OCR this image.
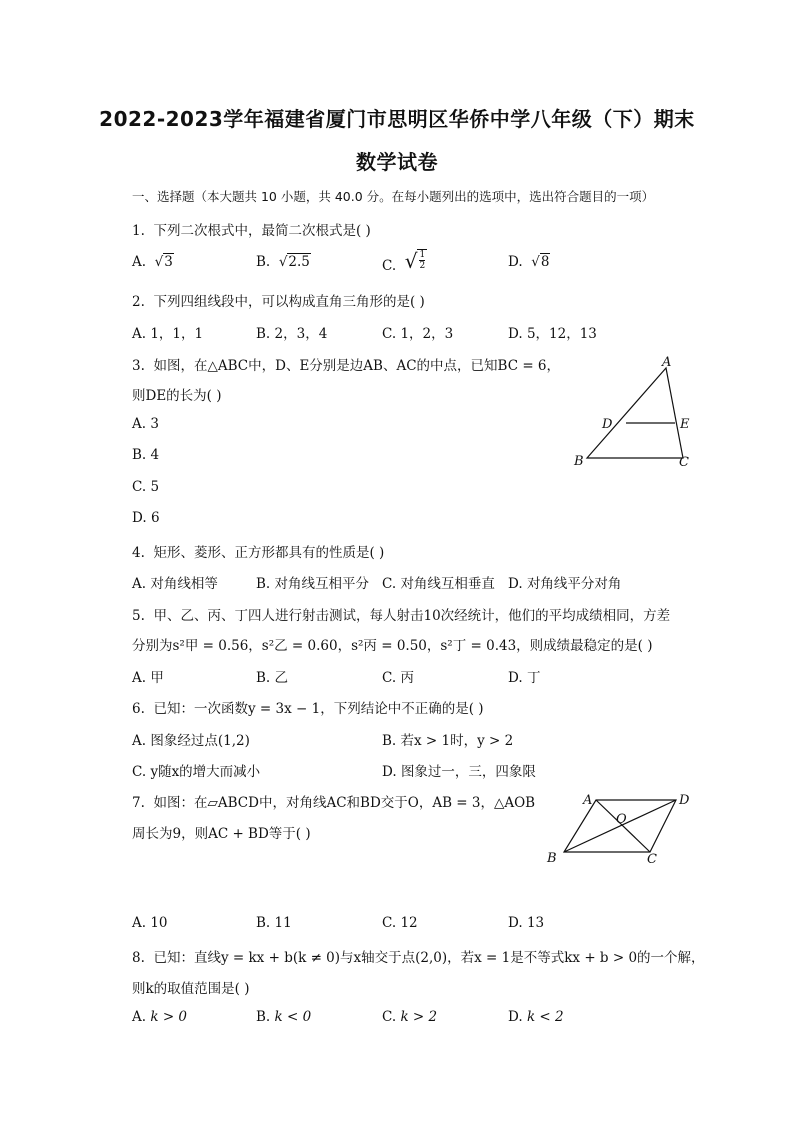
2022-2023学年福建省厦门市思明区华侨中学八年级（下）期末
数学试卷
一、选择题（本大题共 10 小题，共 40.0 分。在每小题列出的选项中，选出符合题目的一项）
1. 下列二次根式中，最简二次根式是( )
A. √3	B. √2.5	C. √ $\frac{1}{2}$	D. √8
2. 下列四组线段中，可以构成直角三角形的是( )
A. 1，1，1	B. 2，3，4	C. 1，2，3	D. 5，12，13
3. 如图，在△ABC中，D、E分别是边AB、AC的中点，已知BC = 6，
则DE的长为( )
A. 3
B. 4
C. 5
D. 6
A
B	C
D	E
4. 矩形、菱形、正方形都具有的性质是( )
A. 对角线相等	B. 对角线互相平分 C. 对角线互相垂直 D. 对角线平分对角
5. 甲、乙、丙、丁四人进行射击测试，每人射击10次经统计，他们的平均成绩相同，方差
分别为s²甲 = 0.56，s²乙 = 0.60，s²丙 = 0.50，s²丁 = 0.43，则成绩最稳定的是( )
A. 甲	B. 乙	C. 丙	D. 丁
6. 已知：一次函数y = 3x − 1，下列结论中不正确的是( )
A. 图象经过点(1,2)	B. 若x > 1时，y > 2
C. y随x的增大而减小	D. 图象过一，三，四象限
7. 如图：在▱ABCD中，对角线AC和BD交于O，AB = 3，△AOB
周长为9，则AC + BD等于( )
A	D
B	C
O
A. 10	B. 11	C. 12	D. 13
8. 已知：直线y = kx + b(k ≠ 0)与x轴交于点(2,0)，若x = 1是不等式kx + b > 0的一个解，
则k的取值范围是( )
A. k > 0	B. k < 0	C. k > 2	D. k < 2
